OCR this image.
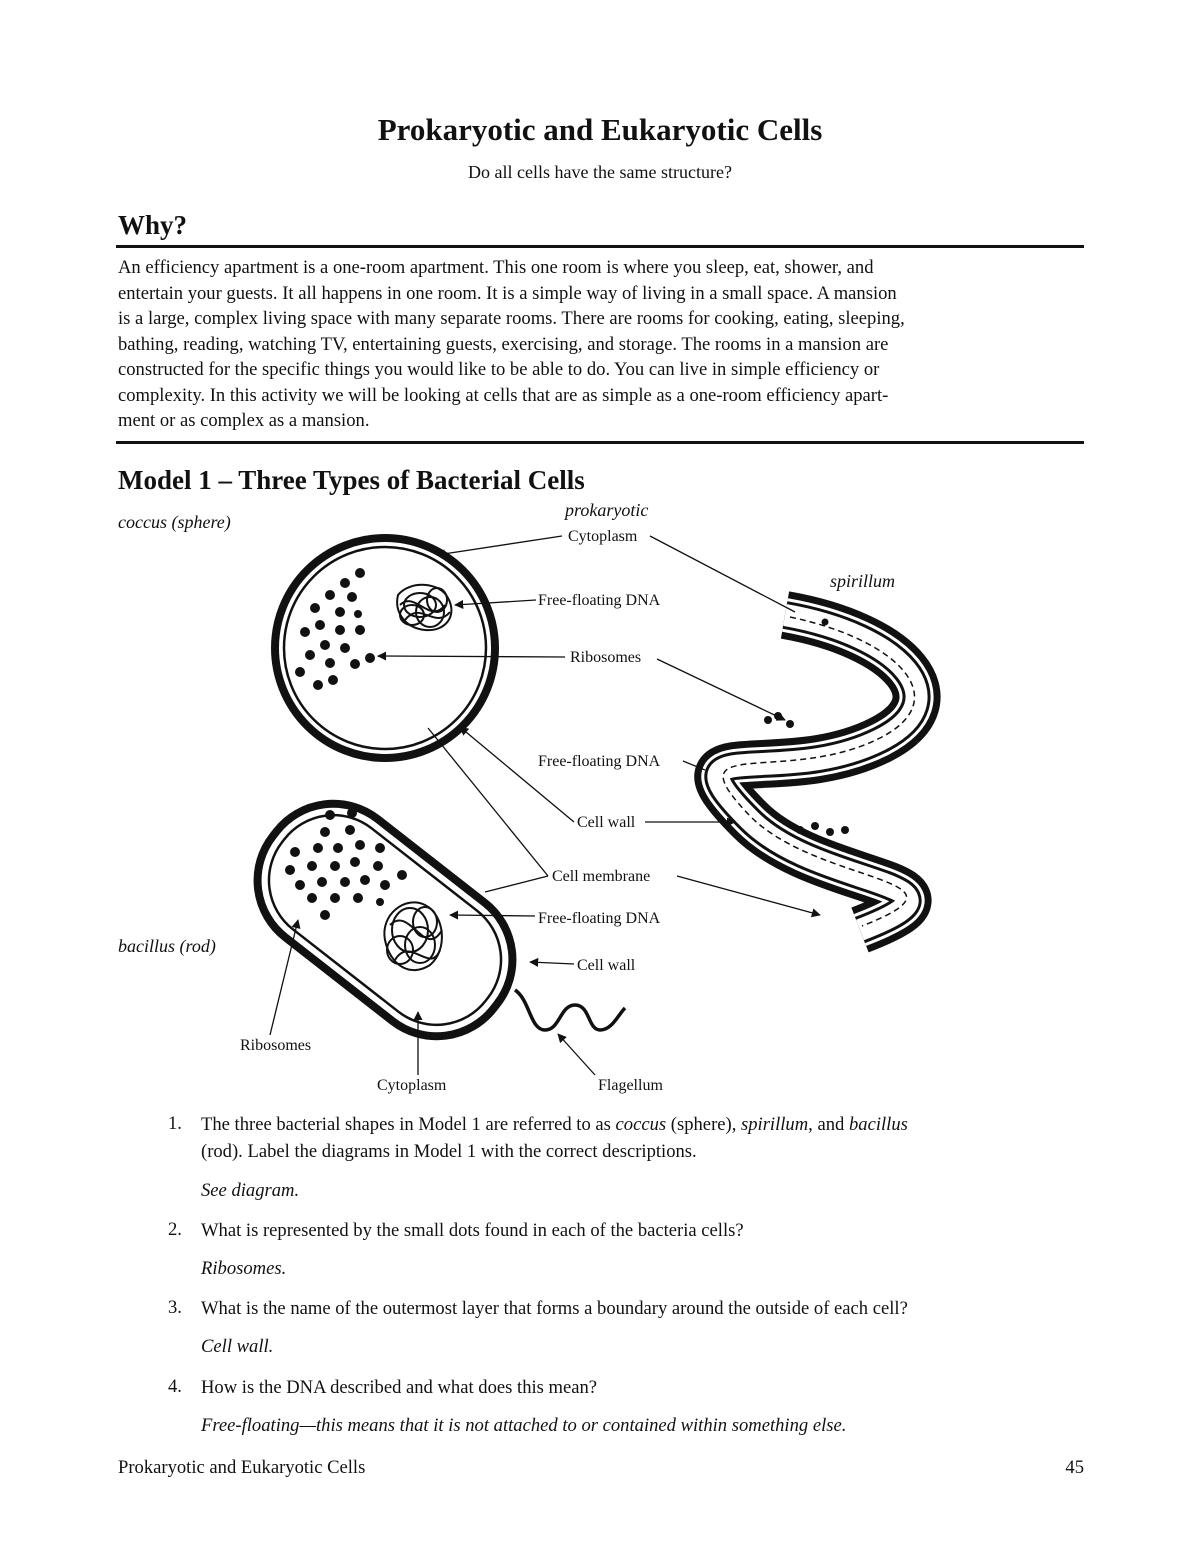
Prokaryotic and Eukaryotic Cells
Do all cells have the same structure?
Why?
An efficiency apartment is a one-room apartment. This one room is where you sleep, eat, shower, and
entertain your guests. It all happens in one room. It is a simple way of living in a small space. A mansion
is a large, complex living space with many separate rooms. There are rooms for cooking, eating, sleeping,
bathing, reading, watching TV, entertaining guests, exercising, and storage. The rooms in a mansion are
constructed for the specific things you would like to be able to do. You can live in simple efficiency or
complexity. In this activity we will be looking at cells that are as simple as a one-room efficiency apart-
ment or as complex as a mansion.
Model 1 – Three Types of Bacterial Cells
coccus (sphere)
prokaryotic
spirillum
bacillus (rod)
Cytoplasm
Free-floating DNA
Ribosomes
Free-floating DNA
Cell wall
Cell membrane
Free-floating DNA
Cell wall
Ribosomes
Cytoplasm	Flagellum
1. The three bacterial shapes in Model 1 are referred to as coccus (sphere), spirillum, and bacillus
(rod). Label the diagrams in Model 1 with the correct descriptions.
See diagram.
2. What is represented by the small dots found in each of the bacteria cells?
Ribosomes.
3. What is the name of the outermost layer that forms a boundary around the outside of each cell?
Cell wall.
4. How is the DNA described and what does this mean?
Free-floating—this means that it is not attached to or contained within something else.
Prokaryotic and Eukaryotic Cells	45
